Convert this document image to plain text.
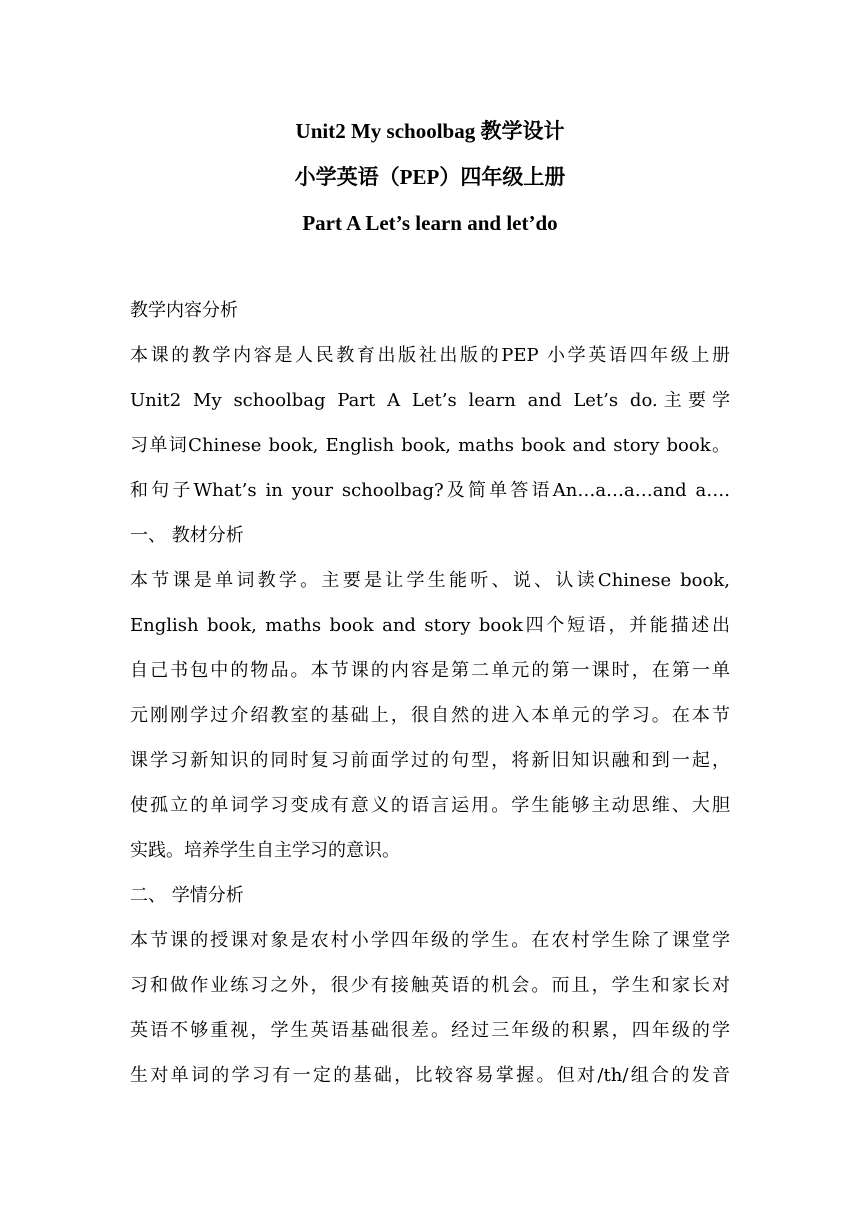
Unit2 My schoolbag 教学设计
小学英语（PEP）四年级上册
Part A Let’s learn and let’do
教学内容分析
本课的教学内容是人民教育出版社出版的PEP 小学英语四年级上册
Unit2 My schoolbag Part A Let’s learn and Let’s do.主要学
习单词Chinese book, English book, maths book and story book。
和句子What’s in your schoolbag?及简单答语An…a…a…and a….
一、 教材分析
本节课是单词教学。主要是让学生能听、说、认读Chinese book,
English book, maths book and story book四个短语，并能描述出
自己书包中的物品。本节课的内容是第二单元的第一课时，在第一单
元刚刚学过介绍教室的基础上，很自然的进入本单元的学习。在本节
课学习新知识的同时复习前面学过的句型，将新旧知识融和到一起，
使孤立的单词学习变成有意义的语言运用。学生能够主动思维、大胆
实践。培养学生自主学习的意识。
二、 学情分析
本节课的授课对象是农村小学四年级的学生。在农村学生除了课堂学
习和做作业练习之外，很少有接触英语的机会。而且，学生和家长对
英语不够重视，学生英语基础很差。经过三年级的积累，四年级的学
生对单词的学习有一定的基础，比较容易掌握。但对/th/组合的发音
